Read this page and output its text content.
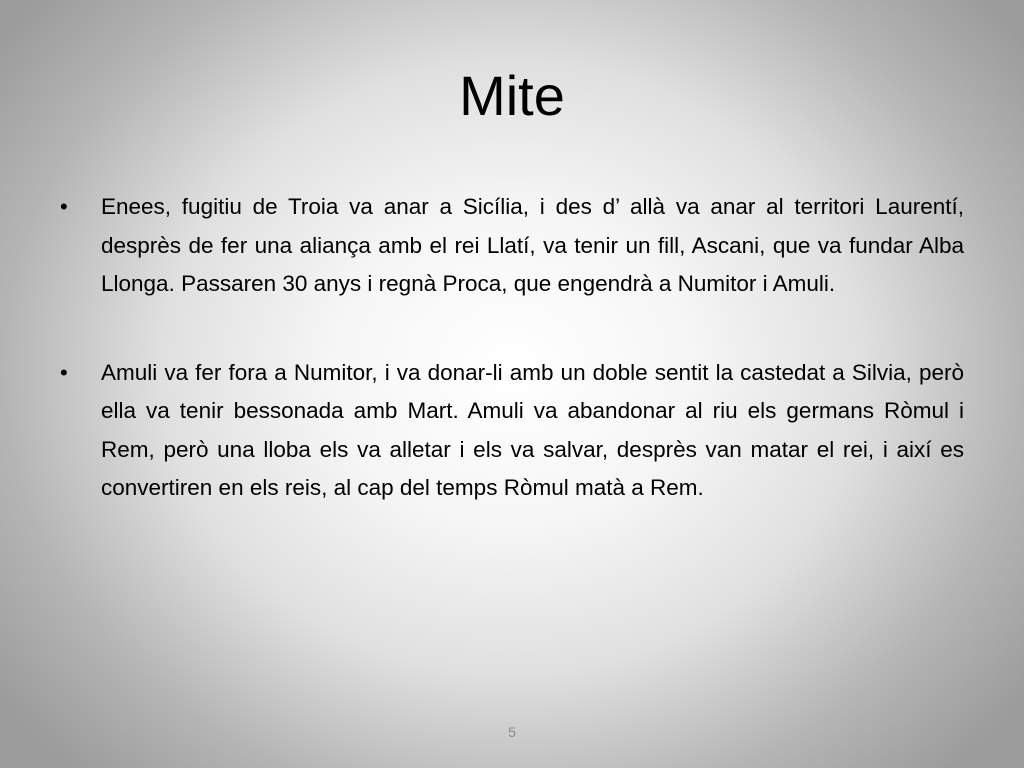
Mite
•	Enees, fugitiu de Troia va anar a Sicília, i des d’ allà va anar al territori Laurentí, desprès de fer una aliança amb el rei Llatí, va tenir un fill, Ascani, que va fundar Alba Llonga. Passaren 30 anys i regnà Proca, que engendrà a Numitor i Amuli.
•	Amuli va fer fora a Numitor, i va donar-li amb un doble sentit la castedat a Silvia, però ella va tenir bessonada amb Mart. Amuli va abandonar al riu els germans Ròmul i Rem, però una lloba els va alletar i els va salvar, desprès van matar el rei, i així es convertiren en els reis, al cap del temps Ròmul matà a Rem.
5
